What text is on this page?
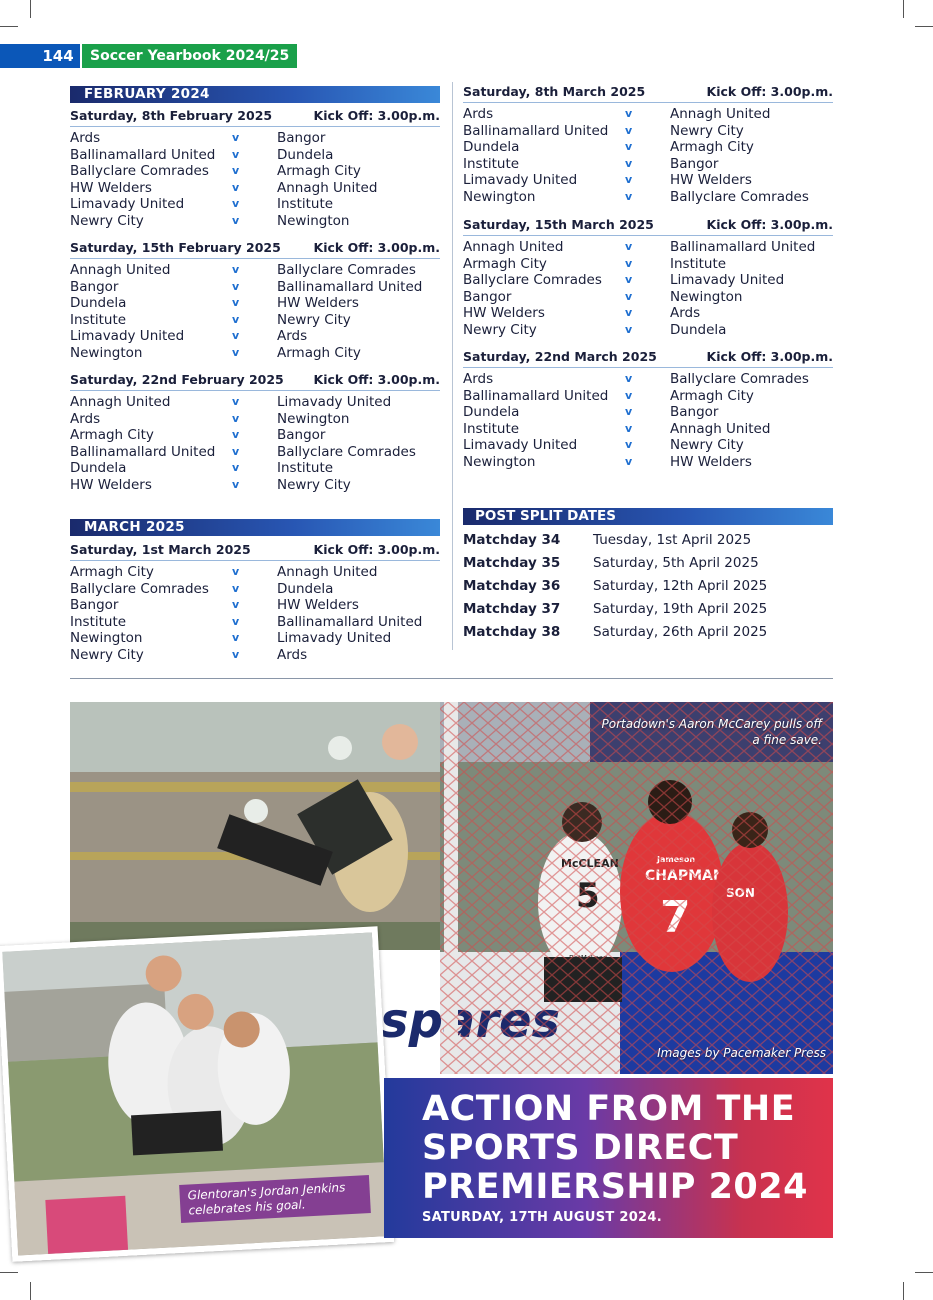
144	Soccer Yearbook 2024/25
FEBRUARY 2024
MARCH 2025
Saturday, 8th February 2025	Kick Off: 3.00p.m.
Ards	v	Bangor
Ballinamallard United v	Dundela
Ballyclare Comrades v	Armagh City
HW Welders	v	Annagh United
Limavady United	v	Institute
Newry City	v	Newington
Saturday, 15th February 2025	Kick Off: 3.00p.m.
Annagh United	v	Ballyclare Comrades
Bangor	v	Ballinamallard United
Dundela	v	HW Welders
Institute	v	Newry City
Limavady United	v	Ards
Newington	v	Armagh City
Saturday, 22nd February 2025 Kick Off: 3.00p.m.
Annagh United	v	Limavady United
Ards	v	Newington
Armagh City	v	Bangor
Ballinamallard United v	Ballyclare Comrades
Dundela	v	Institute
HW Welders	v	Newry City
Saturday, 1st March 2025	Kick Off: 3.00p.m.
Armagh City	v	Annagh United
Ballyclare Comrades v	Dundela
Bangor	v	HW Welders
Institute	v	Ballinamallard United
Newington	v	Limavady United
Newry City	v	Ards
Saturday, 8th March 2025	Kick Off: 3.00p.m.
Ards	v	Annagh United
Ballinamallard United v	Newry City
Dundela	v	Armagh City
Institute	v	Bangor
Limavady United	v	HW Welders
Newington	v	Ballyclare Comrades
Saturday, 15th March 2025	Kick Off: 3.00p.m.
Annagh United	v	Ballinamallard United
Armagh City	v	Institute
Ballyclare Comrades v	Limavady United
Bangor	v	Newington
HW Welders	v	Ards
Newry City	v	Dundela
Saturday, 22nd March 2025	Kick Off: 3.00p.m.
Ards	v	Ballyclare Comrades
Ballinamallard United v	Armagh City
Dundela	v	Bangor
Institute	v	Annagh United
Limavady United	v	Newry City
Newington	v	HW Welders
POST SPLIT DATES
Matchday 34 Tuesday, 1st April 2025
Matchday 35 Saturday, 5th April 2025
Matchday 36 Saturday, 12th April 2025
Matchday 37 Saturday, 19th April 2025
Matchday 38 Saturday, 26th April 2025
Portadown's Aaron McCarey pulls off a fine save.
Images by Pacemaker Press
Glentoran's Jordan Jenkins celebrates his goal.
ACTION FROM THE SPORTS DIRECT PREMIERSHIP 2024
SATURDAY, 17TH AUGUST 2024.
